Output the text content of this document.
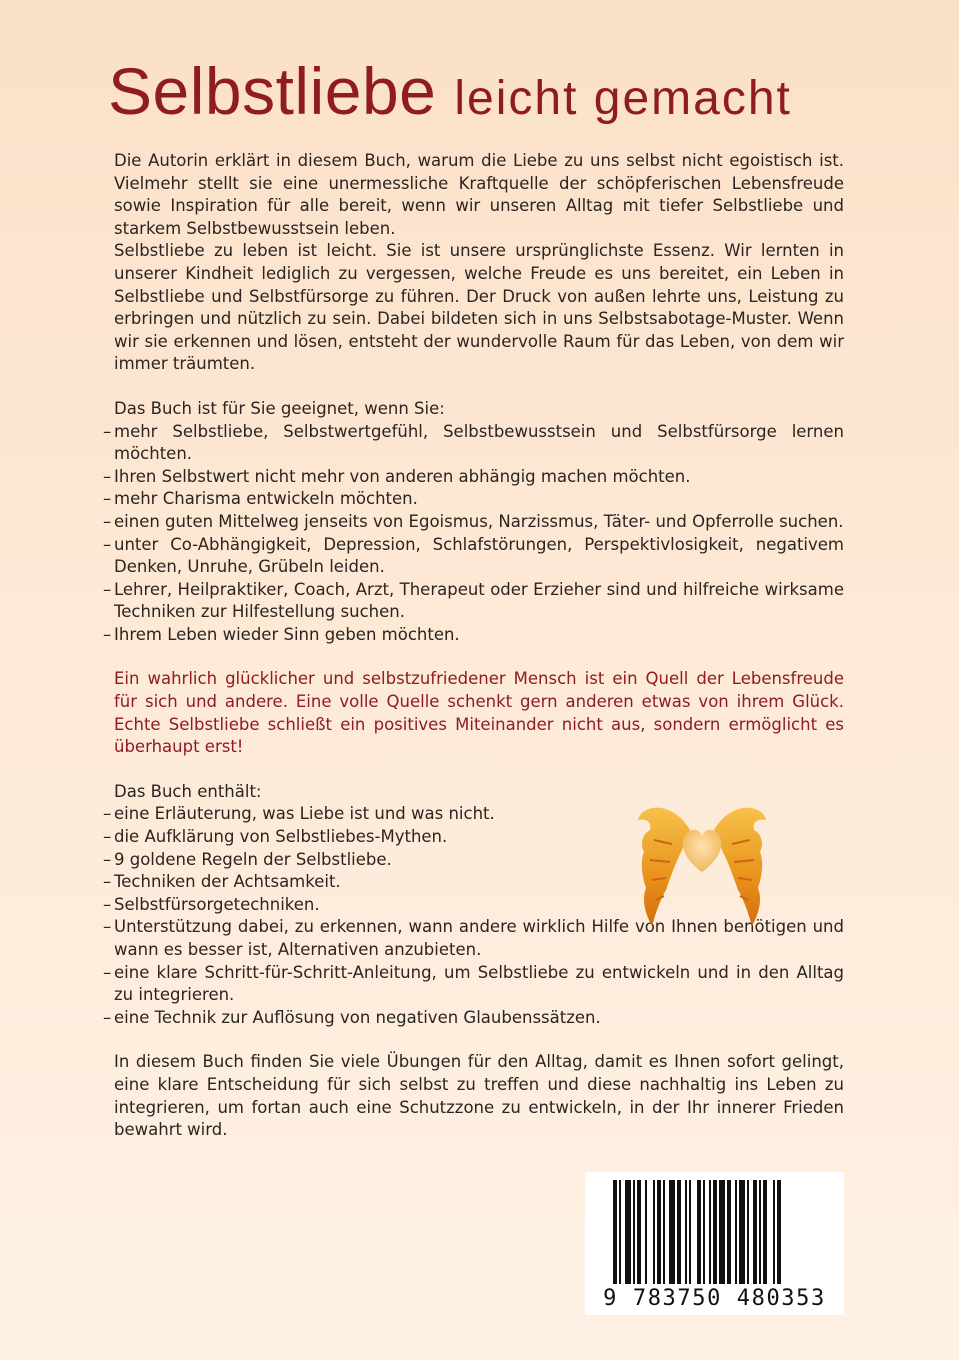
Selbstliebe leicht gemacht

Die Autorin erklärt in diesem Buch, warum die Liebe zu uns selbst nicht egoistisch ist. Vielmehr stellt sie eine unermessliche Kraftquelle der schöpferischen Lebensfreude sowie Inspiration für alle bereit, wenn wir unseren Alltag mit tiefer Selbstliebe und starkem Selbstbewusstsein leben.

Selbstliebe zu leben ist leicht. Sie ist unsere ursprünglichste Essenz. Wir lernten in unserer Kindheit lediglich zu vergessen, welche Freude es uns bereitet, ein Leben in Selbstliebe und Selbstfürsorge zu führen. Der Druck von außen lehrte uns, Leistung zu erbringen und nützlich zu sein. Dabei bildeten sich in uns Selbstsabotage-Muster. Wenn wir sie erkennen und lösen, entsteht der wundervolle Raum für das Leben, von dem wir immer träumten.

Das Buch ist für Sie geeignet, wenn Sie:

– mehr Selbstliebe, Selbstwertgefühl, Selbstbewusstsein und Selbstfürsorge lernen möchten.
– Ihren Selbstwert nicht mehr von anderen abhängig machen möchten.
– mehr Charisma entwickeln möchten.
– einen guten Mittelweg jenseits von Egoismus, Narzissmus, Täter- und Opferrolle suchen.
– unter Co-Abhängigkeit, Depression, Schlafstörungen, Perspektivlosigkeit, negativem Denken, Unruhe, Grübeln leiden.
– Lehrer, Heilpraktiker, Coach, Arzt, Therapeut oder Erzieher sind und hilfreiche wirksame Techniken zur Hilfestellung suchen.
– Ihrem Leben wieder Sinn geben möchten.

Ein wahrlich glücklicher und selbstzufriedener Mensch ist ein Quell der Lebensfreude für sich und andere. Eine volle Quelle schenkt gern anderen etwas von ihrem Glück. Echte Selbstliebe schließt ein positives Miteinander nicht aus, sondern ermöglicht es überhaupt erst!

Das Buch enthält:

– eine Erläuterung, was Liebe ist und was nicht.
– die Aufklärung von Selbstliebes-Mythen.
– 9 goldene Regeln der Selbstliebe.
– Techniken der Achtsamkeit.
– Selbstfürsorgetechniken.
– Unterstützung dabei, zu erkennen, wann andere wirklich Hilfe von Ihnen benötigen und wann es besser ist, Alternativen anzubieten.
– eine klare Schritt-für-Schritt-Anleitung, um Selbstliebe zu entwickeln und in den Alltag zu integrieren.
– eine Technik zur Auflösung von negativen Glaubenssätzen.

In diesem Buch finden Sie viele Übungen für den Alltag, damit es Ihnen sofort gelingt, eine klare Entscheidung für sich selbst zu treffen und diese nachhaltig ins Leben zu integrieren, um fortan auch eine Schutzzone zu entwickeln, in der Ihr innerer Frieden bewahrt wird.

9 783750 480353
